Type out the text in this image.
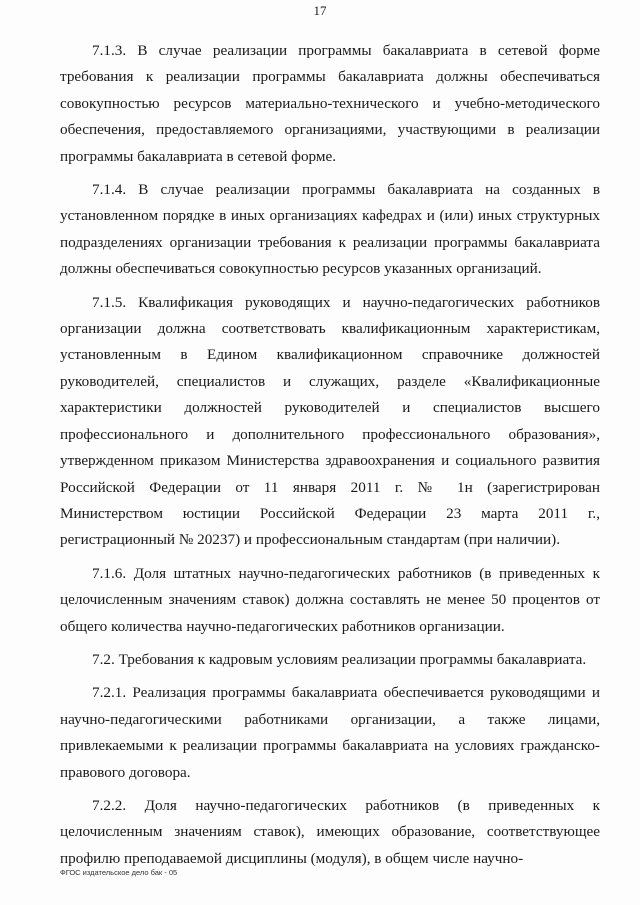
17

7.1.3. В случае реализации программы бакалавриата в сетевой форме требования к реализации программы бакалавриата должны обеспечиваться совокупностью ресурсов материально-технического и учебно-методического обеспечения, предоставляемого организациями, участвующими в реализации программы бакалавриата в сетевой форме.

7.1.4. В случае реализации программы бакалавриата на созданных в установленном порядке в иных организациях кафедрах и (или) иных структурных подразделениях организации требования к реализации программы бакалавриата должны обеспечиваться совокупностью ресурсов указанных организаций.

7.1.5. Квалификация руководящих и научно-педагогических работников организации должна соответствовать квалификационным характеристикам, установленным в Едином квалификационном справочнике должностей руководителей, специалистов и служащих, разделе «Квалификационные характеристики должностей руководителей и специалистов высшего профессионального и дополнительного профессионального образования», утвержденном приказом Министерства здравоохранения и социального развития Российской Федерации от 11 января 2011 г. № 1н (зарегистрирован Министерством юстиции Российской Федерации 23 марта 2011 г., регистрационный № 20237) и профессиональным стандартам (при наличии).

7.1.6. Доля штатных научно-педагогических работников (в приведенных к целочисленным значениям ставок) должна составлять не менее 50 процентов от общего количества научно-педагогических работников организации.

7.2. Требования к кадровым условиям реализации программы бакалавриата.

7.2.1. Реализация программы бакалавриата обеспечивается руководящими и научно-педагогическими работниками организации, а также лицами, привлекаемыми к реализации программы бакалавриата на условиях гражданско-правового договора.

7.2.2. Доля научно-педагогических работников (в приведенных к целочисленным значениям ставок), имеющих образование, соответствующее профилю преподаваемой дисциплины (модуля), в общем числе научно-

ФГОС издательское дело бак - 05
